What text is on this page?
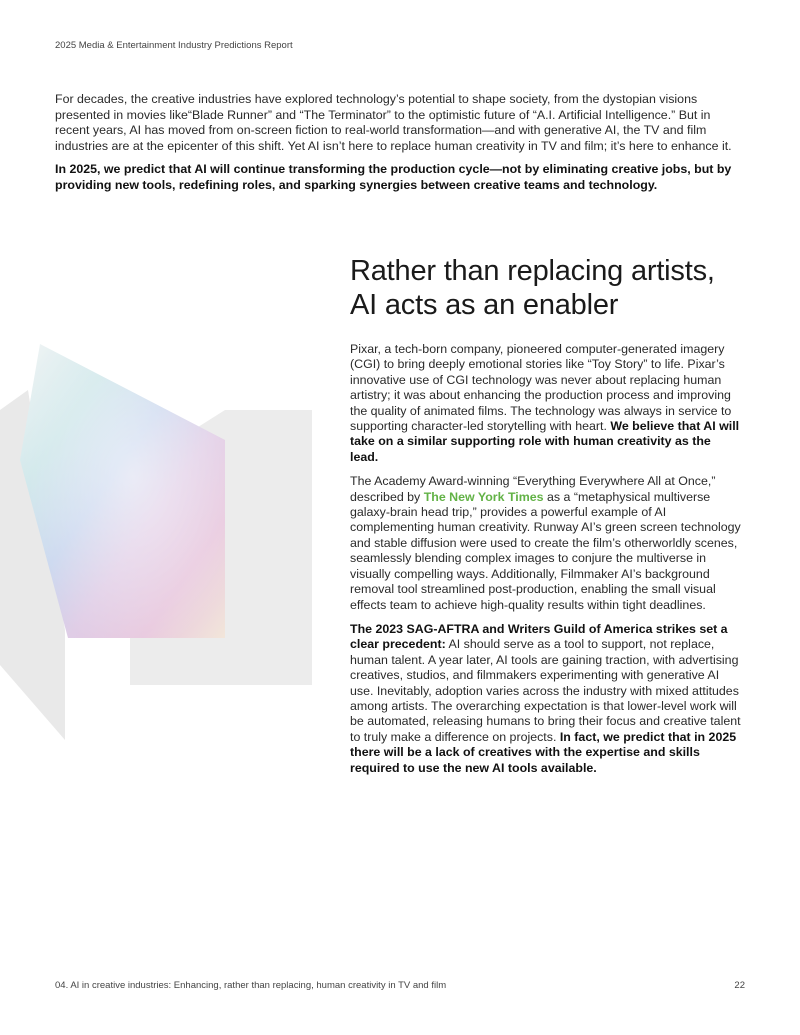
2025 Media & Entertainment Industry Predictions Report

For decades, the creative industries have explored technology’s potential to shape society, from the dystopian visions presented in movies like“Blade Runner” and “The Terminator” to the optimistic future of “A.I. Artificial Intelligence.” But in recent years, AI has moved from on-screen fiction to real-world transformation—and with generative AI, the TV and film industries are at the epicenter of this shift. Yet AI isn’t here to replace human creativity in TV and film; it’s here to enhance it.

In 2025, we predict that AI will continue transforming the production cycle—not by eliminating creative jobs, but by providing new tools, redefining roles, and sparking synergies between creative teams and technology.

Rather than replacing artists,
AI acts as an enabler

Pixar, a tech-born company, pioneered computer-generated imagery (CGI) to bring deeply emotional stories like “Toy Story” to life. Pixar’s innovative use of CGI technology was never about replacing human artistry; it was about enhancing the production process and improving the quality of animated films. The technology was always in service to supporting character-led storytelling with heart. We believe that AI will take on a similar supporting role with human creativity as the lead.

The Academy Award-winning “Everything Everywhere All at Once,” described by The New York Times as a “metaphysical multiverse galaxy-brain head trip,” provides a powerful example of AI complementing human creativity. Runway AI’s green screen technology and stable diffusion were used to create the film’s otherworldly scenes, seamlessly blending complex images to conjure the multiverse in visually compelling ways. Additionally, Filmmaker AI’s background removal tool streamlined post-production, enabling the small visual effects team to achieve high-quality results within tight deadlines.

The 2023 SAG-AFTRA and Writers Guild of America strikes set a clear precedent: AI should serve as a tool to support, not replace, human talent. A year later, AI tools are gaining traction, with advertising creatives, studios, and filmmakers experimenting with generative AI use. Inevitably, adoption varies across the industry with mixed attitudes among artists. The overarching expectation is that lower-level work will be automated, releasing humans to bring their focus and creative talent to truly make a difference on projects. In fact, we predict that in 2025 there will be a lack of creatives with the expertise and skills required to use the new AI tools available.

04. AI in creative industries: Enhancing, rather than replacing, human creativity in TV and film	22
